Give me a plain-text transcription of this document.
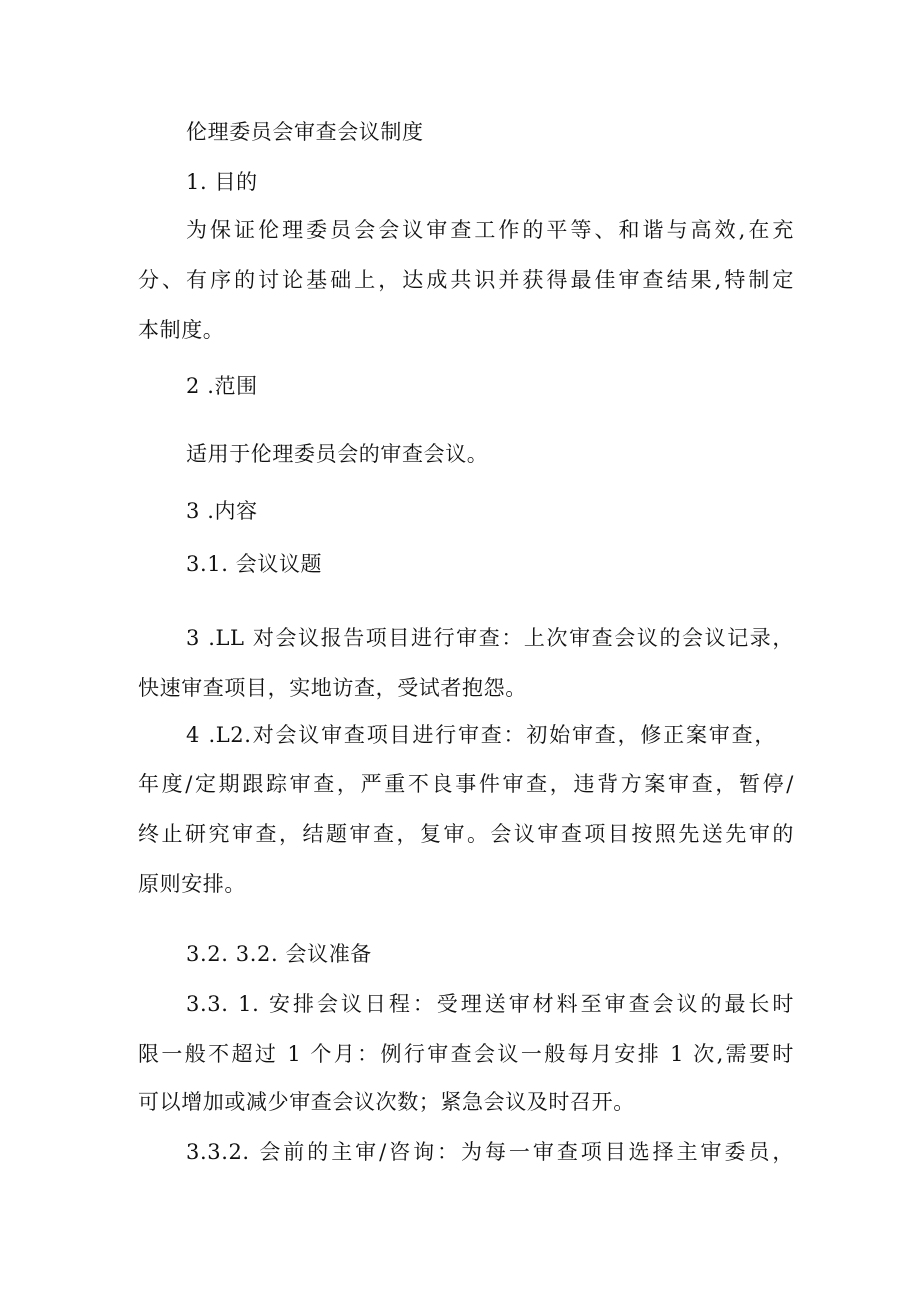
伦理委员会审查会议制度
1. 目的
为保证伦理委员会会议审查工作的平等、和谐与高效,在充
分、有序的讨论基础上，达成共识并获得最佳审查结果,特制定
本制度。
2 .范围
适用于伦理委员会的审查会议。
3 .内容
3.1. 会议议题
3 .LL 对会议报告项目进行审查：上次审查会议的会议记录，
快速审查项目，实地访查，受试者抱怨。
4 .L2.对会议审查项目进行审查：初始审查，修正案审查，
年度/定期跟踪审查，严重不良事件审查，违背方案审查，暂停/
终止研究审查，结题审查，复审。会议审查项目按照先送先审的
原则安排。
3.2. 3.2. 会议准备
3.3. 1. 安排会议日程：受理送审材料至审查会议的最长时
限一般不超过 1 个月：例行审查会议一般每月安排 1 次,需要时
可以增加或减少审查会议次数；紧急会议及时召开。
3.3.2. 会前的主审/咨询：为每一审查项目选择主审委员，
